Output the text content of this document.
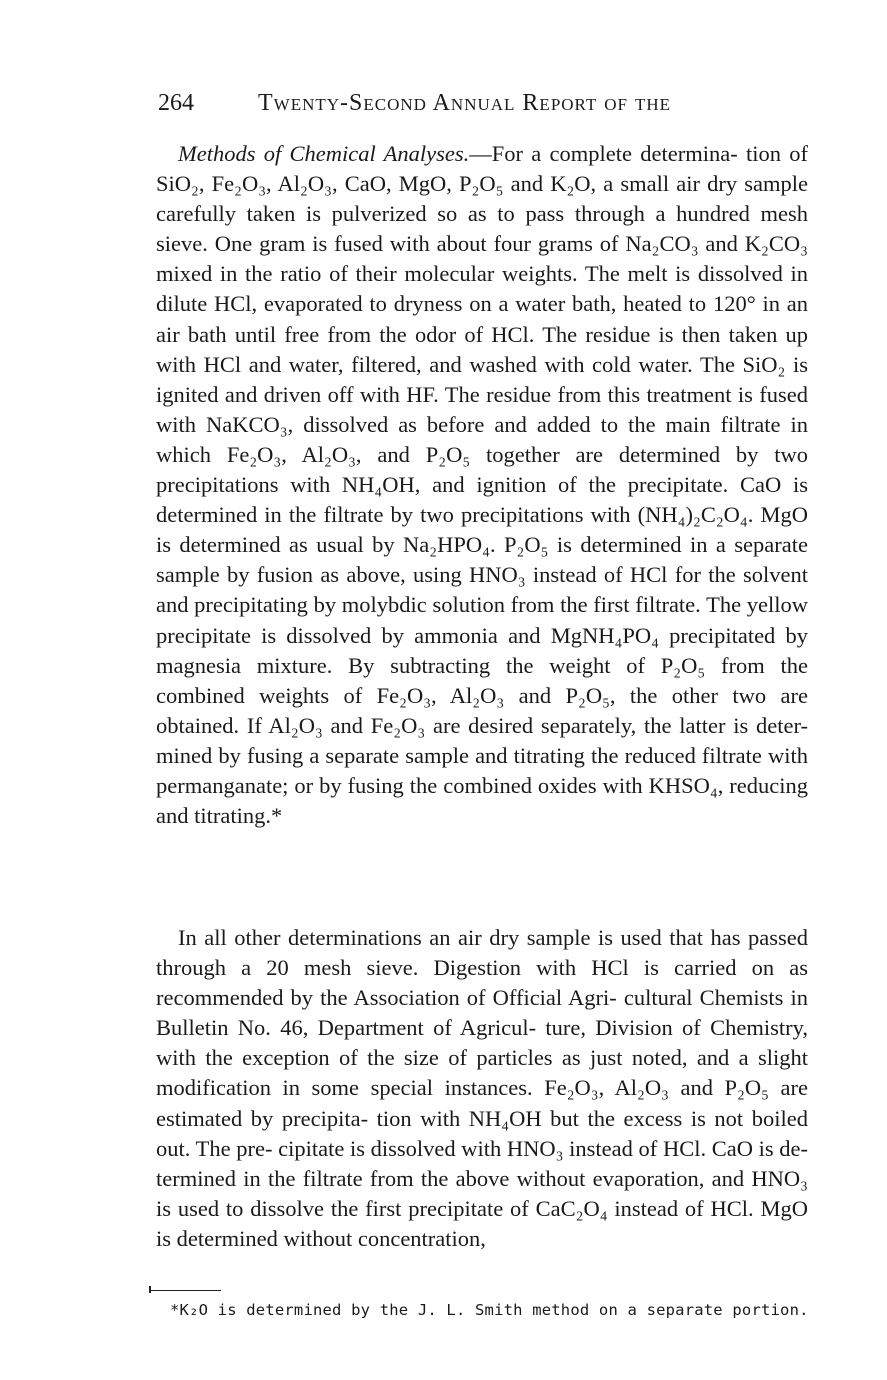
264	Twenty-Second Annual Report of the

Methods of Chemical Analyses.—For a complete determina- tion of SiO₂, Fe₂O₃, Al₂O₃, CaO, MgO, P₂O₅ and K₂O, a small air dry sample carefully taken is pulverized so as to pass through a hundred mesh sieve. One gram is fused with about four grams of Na₂CO₃ and K₂CO₃ mixed in the ratio of their molecular weights. The melt is dissolved in dilute HCl, evaporated to dryness on a water bath, heated to 120° in an air bath until free from the odor of HCl. The residue is then taken up with HCl and water, filtered, and washed with cold water. The SiO₂ is ignited and driven off with HF. The residue from this treatment is fused with NaKCO₃, dissolved as before and added to the main filtrate in which Fe₂O₃, Al₂O₃, and P₂O₅ together are determined by two precipitations with NH₄OH, and ignition of the precipitate. CaO is determined in the filtrate by two precipitations with (NH₄)₂C₂O₄. MgO is determined as usual by Na₂HPO₄. P₂O₅ is determined in a separate sample by fusion as above, using HNO₃ instead of HCl for the solvent and precipitating by molybdic solution from the first filtrate. The yellow precipitate is dissolved by ammonia and MgNH₄PO₄ precipitated by magnesia mixture. By subtracting the weight of P₂O₅ from the combined weights of Fe₂O₃, Al₂O₃ and P₂O₅, the other two are obtained. If Al₂O₃ and Fe₂O₃ are desired separately, the latter is deter- mined by fusing a separate sample and titrating the reduced filtrate with permanganate; or by fusing the combined oxides with KHSO₄, reducing and titrating.*

In all other determinations an air dry sample is used that has passed through a 20 mesh sieve. Digestion with HCl is carried on as recommended by the Association of Official Agri- cultural Chemists in Bulletin No. 46, Department of Agricul- ture, Division of Chemistry, with the exception of the size of particles as just noted, and a slight modification in some special instances. Fe₂O₃, Al₂O₃ and P₂O₅ are estimated by precipita- tion with NH₄OH but the excess is not boiled out. The pre- cipitate is dissolved with HNO₃ instead of HCl. CaO is de- termined in the filtrate from the above without evaporation, and HNO₃ is used to dissolve the first precipitate of CaC₂O₄ instead of HCl. MgO is determined without concentration,

*K₂O is determined by the J. L. Smith method on a separate portion.
